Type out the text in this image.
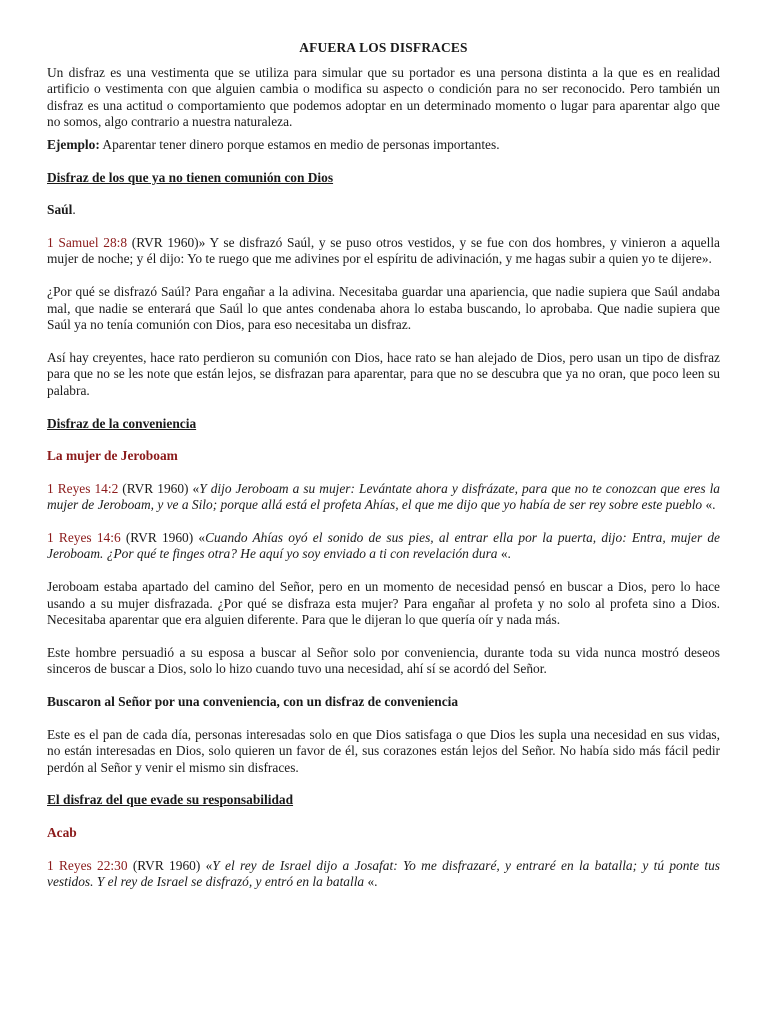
AFUERA LOS DISFRACES

Un disfraz es una vestimenta que se utiliza para simular que su portador es una persona distinta a la que es en realidad artificio o vestimenta con que alguien cambia o modifica su aspecto o condición para no ser reconocido. Pero también un disfraz es una actitud o comportamiento que podemos adoptar en un determinado momento o lugar para aparentar algo que no somos, algo contrario a nuestra naturaleza.

Ejemplo: Aparentar tener dinero porque estamos en medio de personas importantes.

Disfraz de los que ya no tienen comunión con Dios
Saúl.

1 Samuel 28:8 (RVR 1960)» Y se disfrazó Saúl, y se puso otros vestidos, y se fue con dos hombres, y vinieron a aquella mujer de noche; y él dijo: Yo te ruego que me adivines por el espíritu de adivinación, y me hagas subir a quien yo te dijere».

¿Por qué se disfrazó Saúl? Para engañar a la adivina. Necesitaba guardar una apariencia, que nadie supiera que Saúl andaba mal, que nadie se enterará que Saúl lo que antes condenaba ahora lo estaba buscando, lo aprobaba. Que nadie supiera que Saúl ya no tenía comunión con Dios, para eso necesitaba un disfraz.

Así hay creyentes, hace rato perdieron su comunión con Dios, hace rato se han alejado de Dios, pero usan un tipo de disfraz para que no se les note que están lejos, se disfrazan para aparentar, para que no se descubra que ya no oran, que poco leen su palabra.

Disfraz de la conveniencia
La mujer de Jeroboam

1 Reyes 14:2 (RVR 1960) «Y dijo Jeroboam a su mujer: Levántate ahora y disfrázate, para que no te conozcan que eres la mujer de Jeroboam, y ve a Silo; porque allá está el profeta Ahías, el que me dijo que yo había de ser rey sobre este pueblo «.

1 Reyes 14:6 (RVR 1960) «Cuando Ahías oyó el sonido de sus pies, al entrar ella por la puerta, dijo: Entra, mujer de Jeroboam. ¿Por qué te finges otra? He aquí yo soy enviado a ti con revelación dura «.

Jeroboam estaba apartado del camino del Señor, pero en un momento de necesidad pensó en buscar a Dios, pero lo hace usando a su mujer disfrazada. ¿Por qué se disfraza esta mujer? Para engañar al profeta y no solo al profeta sino a Dios. Necesitaba aparentar que era alguien diferente. Para que le dijeran lo que quería oír y nada más.

Este hombre persuadió a su esposa a buscar al Señor solo por conveniencia, durante toda su vida nunca mostró deseos sinceros de buscar a Dios, solo lo hizo cuando tuvo una necesidad, ahí sí se acordó del Señor.

Buscaron al Señor por una conveniencia, con un disfraz de conveniencia

Este es el pan de cada día, personas interesadas solo en que Dios satisfaga o que Dios les supla una necesidad en sus vidas, no están interesadas en Dios, solo quieren un favor de él, sus corazones están lejos del Señor. No había sido más fácil pedir perdón al Señor y venir el mismo sin disfraces.

El disfraz del que evade su responsabilidad
Acab

1 Reyes 22:30 (RVR 1960) «Y el rey de Israel dijo a Josafat: Yo me disfrazaré, y entraré en la batalla; y tú ponte tus vestidos. Y el rey de Israel se disfrazó, y entró en la batalla «.
